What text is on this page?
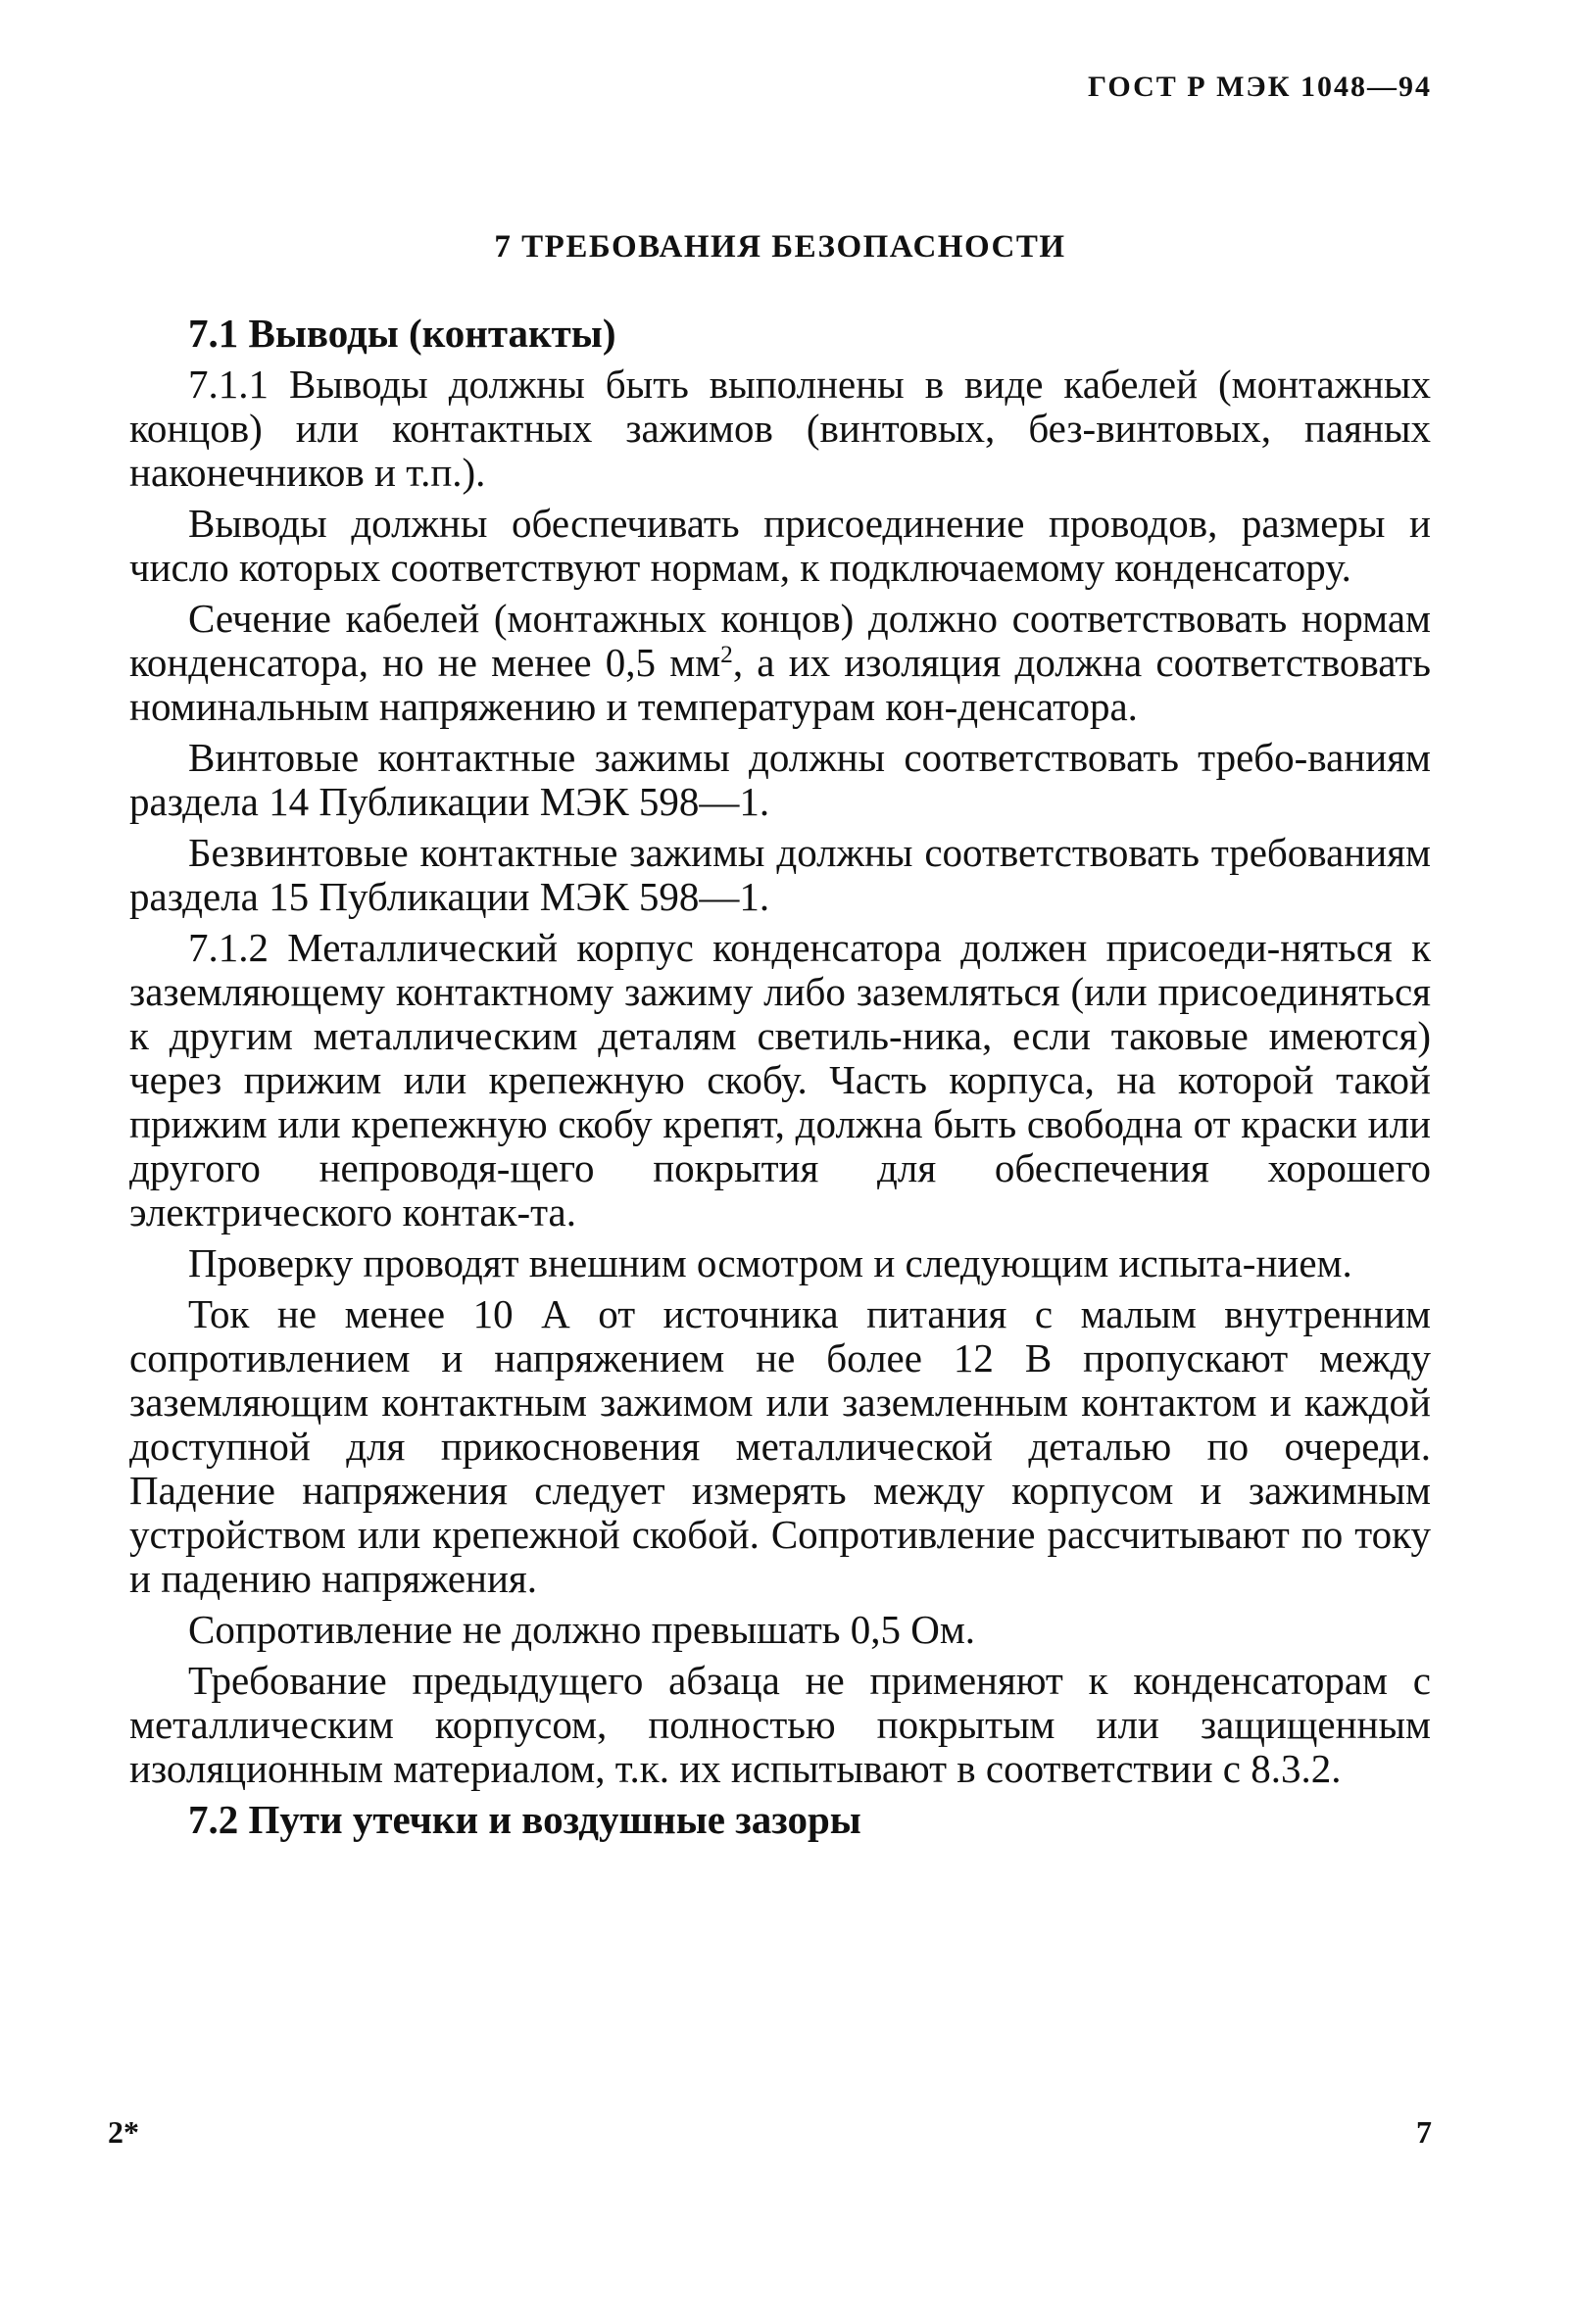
ГОСТ Р МЭК 1048—94
7 ТРЕБОВАНИЯ БЕЗОПАСНОСТИ

7.1 Выводы (контакты)

7.1.1 Выводы должны быть выполнены в виде кабелей (монтажных концов) или контактных зажимов (винтовых, без-винтовых, паяных наконечников и т.п.).

Выводы должны обеспечивать присоединение проводов, размеры и число которых соответствуют нормам, к подключаемому конденсатору.

Сечение кабелей (монтажных концов) должно соответствовать нормам конденсатора, но не менее 0,5 $мм^2$, а их изоляция должна соответствовать номинальным напряжению и температурам кон-денсатора.

Винтовые контактные зажимы должны соответствовать требо-ваниям раздела 14 Публикации МЭК 598—1.

Безвинтовые контактные зажимы должны соответствовать требованиям раздела 15 Публикации МЭК 598—1.

7.1.2 Металлический корпус конденсатора должен присоеди-няться к заземляющему контактному зажиму либо заземляться (или присоединяться к другим металлическим деталям светиль-ника, если таковые имеются) через прижим или крепежную скобу. Часть корпуса, на которой такой прижим или крепежную скобу крепят, должна быть свободна от краски или другого непроводя-щего покрытия для обеспечения хорошего электрического контак-та.

Проверку проводят внешним осмотром и следующим испыта-нием.

Ток не менее 10 А от источника питания с малым внутренним сопротивлением и напряжением не более 12 В пропускают между заземляющим контактным зажимом или заземленным контактом и каждой доступной для прикосновения металлической деталью по очереди. Падение напряжения следует измерять между корпусом и зажимным устройством или крепежной скобой. Сопротивление рассчитывают по току и падению напряжения.

Сопротивление не должно превышать 0,5 Ом.

Требование предыдущего абзаца не применяют к конденсаторам с металлическим корпусом, полностью покрытым или защищенным изоляционным материалом, т.к. их испытывают в соответствии с 8.3.2.

7.2 Пути утечки и воздушные зазоры

2*	7
